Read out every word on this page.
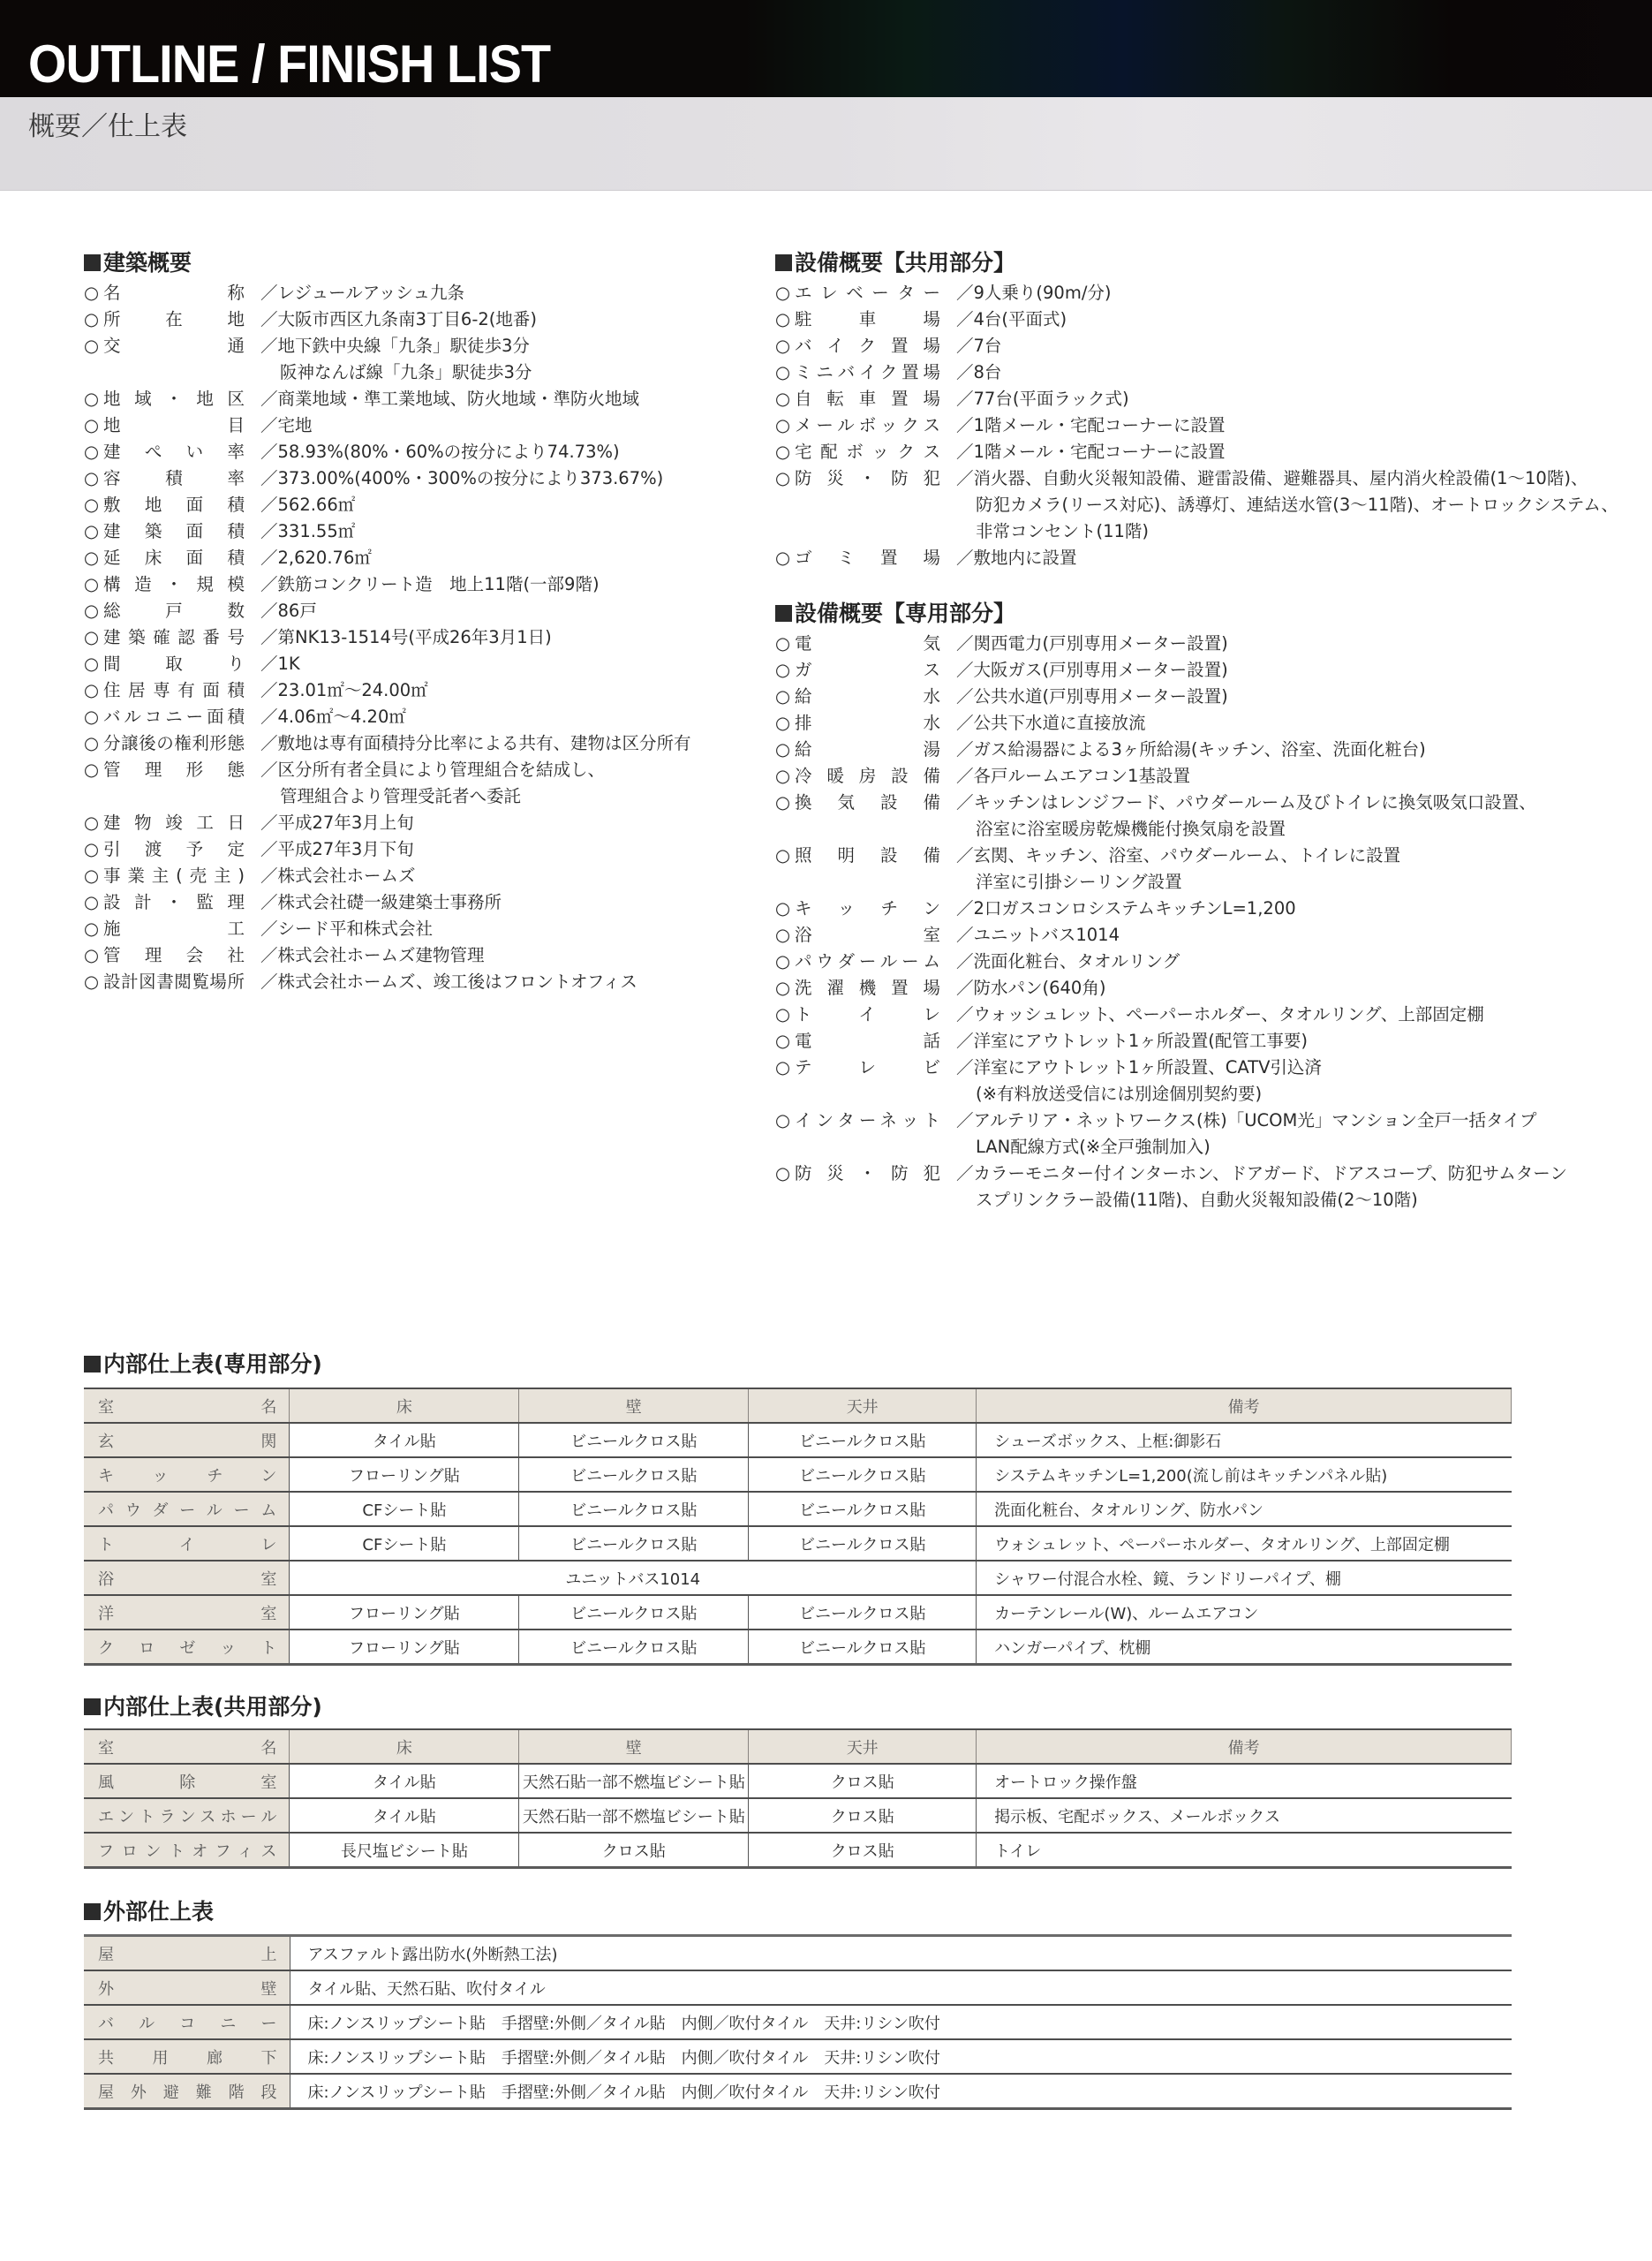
OUTLINE / FINISH LIST
概要／仕上表
建築概要
○ 名称	／ レジュールアッシュ九条
○ 所在地	／ 大阪市西区九条南3丁目6-2(地番)
○ 交通	／ 地下鉄中央線「九条」駅徒歩3分
阪神なんば線「九条」駅徒歩3分
○ 地域・地区	／ 商業地域・準工業地域、防火地域・準防火地域
○ 地目	／ 宅地
○ 建ぺい率	／ 58.93%(80%・60%の按分により74.73%)
○ 容積率	／ 373.00%(400%・300%の按分により373.67%)
○ 敷地面積	／ 562.66㎡
○ 建築面積	／ 331.55㎡
○ 延床面積	／ 2,620.76㎡
○ 構造・規模	／ 鉄筋コンクリート造　地上11階(一部9階)
○ 総戸数	／ 86戸
○ 建築確認番号	／ 第NK13-1514号(平成26年3月1日)
○ 間取り	／ 1K
○ 住居専有面積	／ 23.01㎡～24.00㎡
○ バルコニー面積	／ 4.06㎡～4.20㎡
○ 分譲後の権利形態	／ 敷地は専有面積持分比率による共有、建物は区分所有
○ 管理形態	／ 区分所有者全員により管理組合を結成し、
管理組合より管理受託者へ委託
○ 建物竣工日	／ 平成27年3月上旬
○ 引渡予定	／ 平成27年3月下旬
○ 事業主(売主)	／ 株式会社ホームズ
○ 設計・監理	／ 株式会社礎一級建築士事務所
○ 施工	／ シード平和株式会社
○ 管理会社	／ 株式会社ホームズ建物管理
○ 設計図書閲覧場所	／ 株式会社ホームズ、竣工後はフロントオフィス
設備概要【共用部分】
○ エレベーター	／ 9人乗り(90m/分)
○ 駐車場	／ 4台(平面式)
○ バイク置場	／ 7台
○ ミニバイク置場	／ 8台
○ 自転車置場	／ 77台(平面ラック式)
○ メールボックス	／ 1階メール・宅配コーナーに設置
○ 宅配ボックス	／ 1階メール・宅配コーナーに設置
○ 防災・防犯	／ 消火器、自動火災報知設備、避雷設備、避難器具、屋内消火栓設備(1～10階)、
防犯カメラ(リース対応)、誘導灯、連結送水管(3～11階)、オートロックシステム、
非常コンセント(11階)
○ ゴミ置場	／ 敷地内に設置
設備概要【専用部分】
○ 電気	／ 関西電力(戸別専用メーター設置)
○ ガス	／ 大阪ガス(戸別専用メーター設置)
○ 給水	／ 公共水道(戸別専用メーター設置)
○ 排水	／ 公共下水道に直接放流
○ 給湯	／ ガス給湯器による3ヶ所給湯(キッチン、浴室、洗面化粧台)
○ 冷暖房設備	／ 各戸ルームエアコン1基設置
○ 換気設備	／ キッチンはレンジフード、パウダールーム及びトイレに換気吸気口設置、
浴室に浴室暖房乾燥機能付換気扇を設置
○ 照明設備	／ 玄関、キッチン、浴室、パウダールーム、トイレに設置
洋室に引掛シーリング設置
○ キッチン	／ 2口ガスコンロシステムキッチンL=1,200
○ 浴室	／ ユニットバス1014
○ パウダールーム	／ 洗面化粧台、タオルリング
○ 洗濯機置場	／ 防水パン(640角)
○ トイレ	／ ウォッシュレット、ペーパーホルダー、タオルリング、上部固定棚
○ 電話	／ 洋室にアウトレット1ヶ所設置(配管工事要)
○ テレビ	／ 洋室にアウトレット1ヶ所設置、CATV引込済
(※有料放送受信には別途個別契約要)
○ インターネット	／ アルテリア・ネットワークス(株)「UCOM光」マンション全戸一括タイプ
LAN配線方式(※全戸強制加入)
○ 防災・防犯	／ カラーモニター付インターホン、ドアガード、ドアスコープ、防犯サムターン
スプリンクラー設備(11階)、自動火災報知設備(2～10階)
内部仕上表(専用部分)
室名	床	壁	天井	備考
玄関	タイル貼	ビニールクロス貼	ビニールクロス貼	シューズボックス、上框:御影石
キッチン	フローリング貼	ビニールクロス貼	ビニールクロス貼	システムキッチンL=1,200(流し前はキッチンパネル貼)
パウダールーム	CFシート貼	ビニールクロス貼	ビニールクロス貼	洗面化粧台、タオルリング、防水パン
トイレ	CFシート貼	ビニールクロス貼	ビニールクロス貼	ウォシュレット、ペーパーホルダー、タオルリング、上部固定棚
浴室	ユニットバス1014			シャワー付混合水栓、鏡、ランドリーパイプ、棚
洋室	フローリング貼	ビニールクロス貼	ビニールクロス貼	カーテンレール(W)、ルームエアコン
クロゼット	フローリング貼	ビニールクロス貼	ビニールクロス貼	ハンガーパイプ、枕棚
内部仕上表(共用部分)
室名	床	壁	天井	備考
風除室	タイル貼	天然石貼一部不燃塩ビシート貼	クロス貼	オートロック操作盤
エントランスホール	タイル貼	天然石貼一部不燃塩ビシート貼	クロス貼	掲示板、宅配ボックス、メールボックス
フロントオフィス	長尺塩ビシート貼	クロス貼	クロス貼	トイレ
外部仕上表
屋上	アスファルト露出防水(外断熱工法)
外壁	タイル貼、天然石貼、吹付タイル
バルコニー	床:ノンスリップシート貼　手摺壁:外側／タイル貼　内側／吹付タイル　天井:リシン吹付
共用廊下	床:ノンスリップシート貼　手摺壁:外側／タイル貼　内側／吹付タイル　天井:リシン吹付
屋外避難階段	床:ノンスリップシート貼　手摺壁:外側／タイル貼　内側／吹付タイル　天井:リシン吹付
